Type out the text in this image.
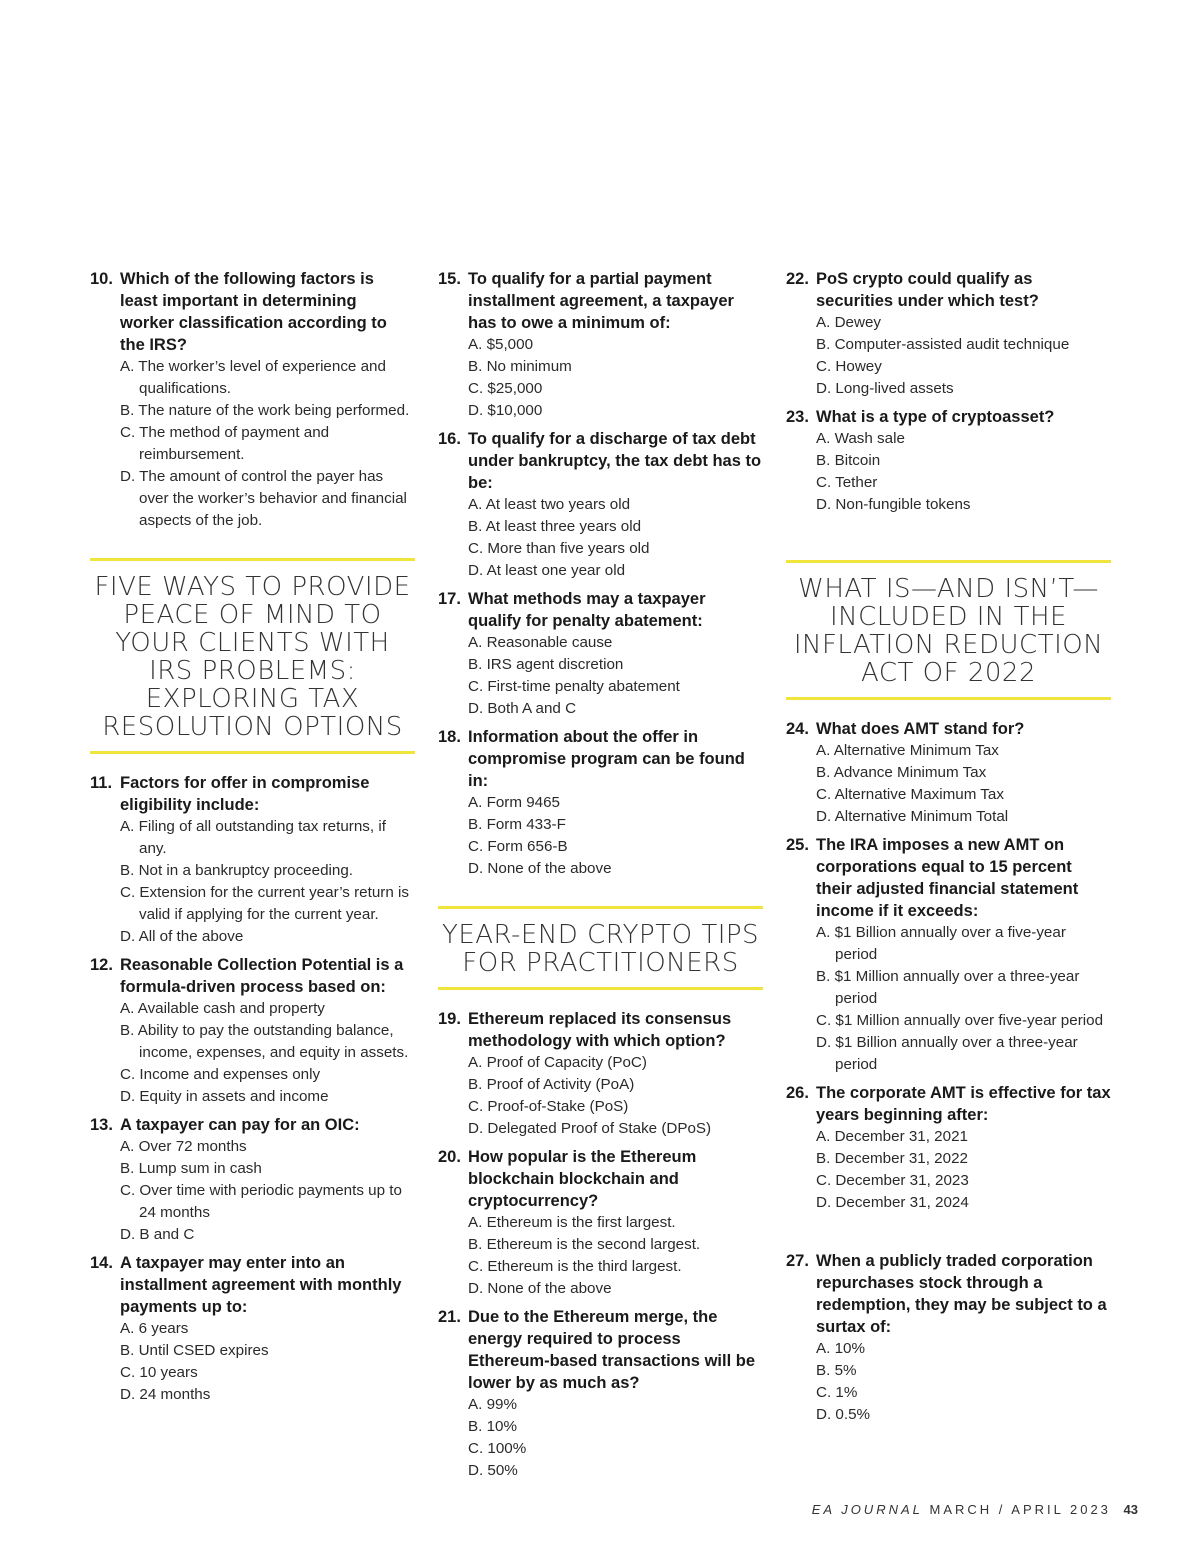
10. Which of the following factors is least important in determining worker classification according to the IRS?
A. The worker’s level of experience and qualifications.
B. The nature of the work being performed.
C. The method of payment and reimbursement.
D. The amount of control the payer has over the worker’s behavior and financial aspects of the job.
FIVE WAYS TO PROVIDE PEACE OF MIND TO YOUR CLIENTS WITH IRS PROBLEMS: EXPLORING TAX RESOLUTION OPTIONS
11. Factors for offer in compromise eligibility include:
A. Filing of all outstanding tax returns, if any.
B. Not in a bankruptcy proceeding.
C. Extension for the current year’s return is valid if applying for the current year.
D. All of the above
12. Reasonable Collection Potential is a formula-driven process based on:
A. Available cash and property
B. Ability to pay the outstanding balance, income, expenses, and equity in assets.
C. Income and expenses only
D. Equity in assets and income
13. A taxpayer can pay for an OIC:
A. Over 72 months
B. Lump sum in cash
C. Over time with periodic payments up to 24 months
D. B and C
14. A taxpayer may enter into an installment agreement with monthly payments up to:
A. 6 years
B. Until CSED expires
C. 10 years
D. 24 months
15. To qualify for a partial payment installment agreement, a taxpayer has to owe a minimum of:
A. $5,000
B. No minimum
C. $25,000
D. $10,000
16. To qualify for a discharge of tax debt under bankruptcy, the tax debt has to be:
A. At least two years old
B. At least three years old
C. More than five years old
D. At least one year old
17. What methods may a taxpayer qualify for penalty abatement:
A. Reasonable cause
B. IRS agent discretion
C. First-time penalty abatement
D. Both A and C
18. Information about the offer in compromise program can be found in:
A. Form 9465
B. Form 433-F
C. Form 656-B
D. None of the above
YEAR-END CRYPTO TIPS FOR PRACTITIONERS
19. Ethereum replaced its consensus methodology with which option?
A. Proof of Capacity (PoC)
B. Proof of Activity (PoA)
C. Proof-of-Stake (PoS)
D. Delegated Proof of Stake (DPoS)
20. How popular is the Ethereum blockchain blockchain and cryptocurrency?
A. Ethereum is the first largest.
B. Ethereum is the second largest.
C. Ethereum is the third largest.
D. None of the above
21. Due to the Ethereum merge, the energy required to process Ethereum-based transactions will be lower by as much as?
A. 99%
B. 10%
C. 100%
D. 50%
22. PoS crypto could qualify as securities under which test?
A. Dewey
B. Computer-assisted audit technique
C. Howey
D. Long-lived assets
23. What is a type of cryptoasset?
A. Wash sale
B. Bitcoin
C. Tether
D. Non-fungible tokens
WHAT IS—AND ISN’T— INCLUDED IN THE INFLATION REDUCTION ACT OF 2022
24. What does AMT stand for?
A. Alternative Minimum Tax
B. Advance Minimum Tax
C. Alternative Maximum Tax
D. Alternative Minimum Total
25. The IRA imposes a new AMT on corporations equal to 15 percent their adjusted financial statement income if it exceeds:
A. $1 Billion annually over a five-year period
B. $1 Million annually over a three-year period
C. $1 Million annually over five-year period
D. $1 Billion annually over a three-year period
26. The corporate AMT is effective for tax years beginning after:
A. December 31, 2021
B. December 31, 2022
C. December 31, 2023
D. December 31, 2024
27. When a publicly traded corporation repurchases stock through a redemption, they may be subject to a surtax of:
A. 10%
B. 5%
C. 1%
D. 0.5%
EA JOURNAL MARCH / APRIL 2023 43
